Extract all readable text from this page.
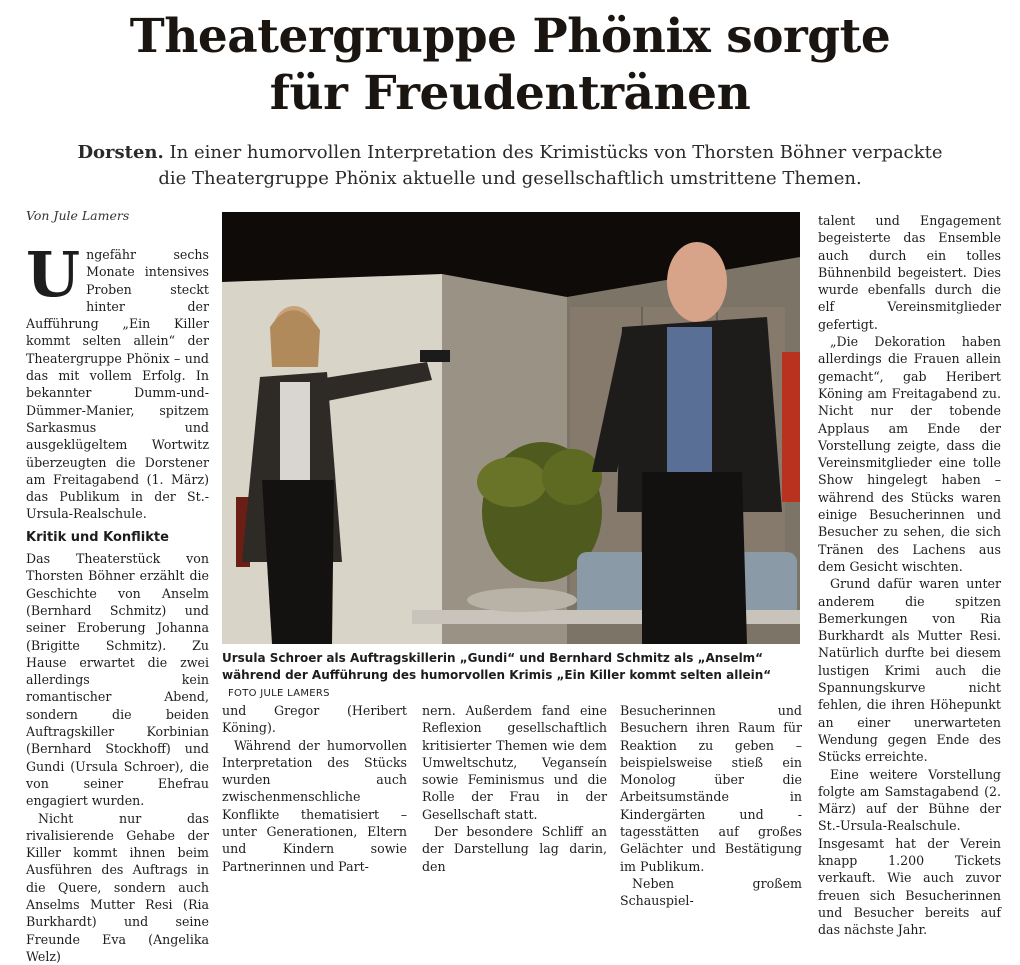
Theatergruppe Phönix sorgte
für Freudentränen
Dorsten. In einer humorvollen Interpretation des Krimistücks von Thorsten Böhner verpackte
die Theatergruppe Phönix aktuelle und gesellschaftlich umstrittene Themen.
Von Jule Lamers

Ungefähr sechs Monate intensives Proben steckt hinter der Aufführung „Ein Killer kommt selten allein“ der Theatergruppe Phönix – und das mit vollem Erfolg. In bekannter Dumm-und-Dümmer-Manier, spitzem Sarkasmus und ausgeklügeltem Wortwitz überzeugten die Dorstener am Freitagabend (1. März) das Publikum in der St.-Ursula-Realschule.

Kritik und Konflikte

Das Theaterstück von Thorsten Böhner erzählt die Geschichte von Anselm (Bernhard Schmitz) und seiner Eroberung Johanna (Brigitte Schmitz). Zu Hause erwartet die zwei allerdings kein romantischer Abend, sondern die beiden Auftragskiller Korbinian (Bernhard Stockhoff) und Gundi (Ursula Schroer), die von seiner Ehefrau engagiert wurden.

Nicht nur das rivalisierende Gehabe der Killer kommt ihnen beim Ausführen des Auftrags in die Quere, sondern auch Anselms Mutter Resi (Ria Burkhardt) und seine Freunde Eva (Angelika Welz)

Ursula Schroer als Auftragskillerin „Gundi“ und Bernhard Schmitz als „Anselm“ während der Aufführung des humorvollen Krimis „Ein Killer kommt selten allein“ FOTO JULE LAMERS

und Gregor (Heribert Köning).

Während der humorvollen Interpretation des Stücks wurden auch zwischenmenschliche Konflikte thematisiert – unter Generationen, Eltern und Kindern sowie Partnerinnen und Part-

nern. Außerdem fand eine Reflexion gesellschaftlich kritisierter Themen wie dem Umweltschutz, Veganseín sowie Feminismus und die Rolle der Frau in der Gesellschaft statt.

Der besondere Schliff an der Darstellung lag darin, den

Besucherinnen und Besuchern ihren Raum für Reaktion zu geben – beispielsweise stieß ein Monolog über die Arbeitsumstände in Kindergärten und -tagesstätten auf großes Gelächter und Bestätigung im Publikum.

Neben großem Schauspiel-

talent und Engagement begeisterte das Ensemble auch durch ein tolles Bühnenbild begeistert. Dies wurde ebenfalls durch die elf Vereinsmitglieder gefertigt.

„Die Dekoration haben allerdings die Frauen allein gemacht“, gab Heribert Köning am Freitagabend zu. Nicht nur der tobende Applaus am Ende der Vorstellung zeigte, dass die Vereinsmitglieder eine tolle Show hingelegt haben – während des Stücks waren einige Besucherinnen und Besucher zu sehen, die sich Tränen des Lachens aus dem Gesicht wischten.

Grund dafür waren unter anderem die spitzen Bemerkungen von Ria Burkhardt als Mutter Resi. Natürlich durfte bei diesem lustigen Krimi auch die Spannungskurve nicht fehlen, die ihren Höhepunkt an einer unerwarteten Wendung gegen Ende des Stücks erreichte.

Eine weitere Vorstellung folgte am Samstagabend (2. März) auf der Bühne der St.-Ursula-Realschule. Insgesamt hat der Verein knapp 1.200 Tickets verkauft. Wie auch zuvor freuen sich Besucherinnen und Besucher bereits auf das nächste Jahr.
